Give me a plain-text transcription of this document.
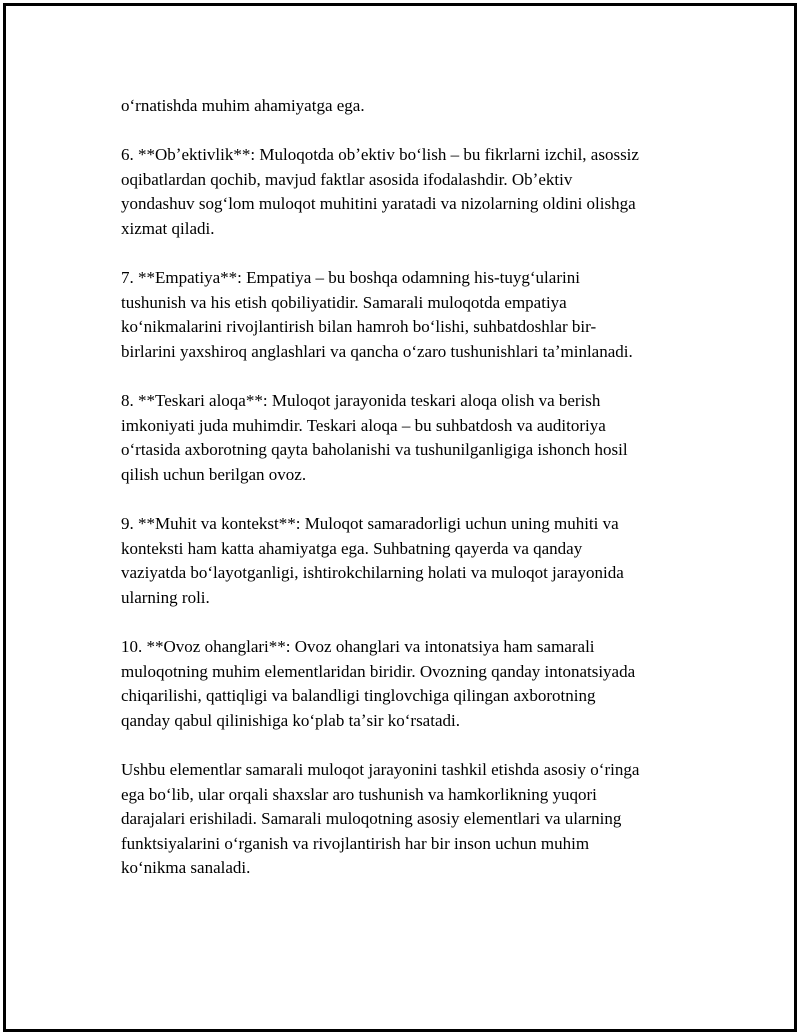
oʻrnatishda muhim ahamiyatga ega.

6. **Obʼektivlik**: Muloqotda obʼektiv boʻlish – bu fikrlarni izchil, asossiz
oqibatlardan qochib, mavjud faktlar asosida ifodalashdir. Obʼektiv
yondashuv sogʻlom muloqot muhitini yaratadi va nizolarning oldini olishga
xizmat qiladi.

7. **Empatiya**: Empatiya – bu boshqa odamning his-tuygʻularini
tushunish va his etish qobiliyatidir. Samarali muloqotda empatiya
koʻnikmalarini rivojlantirish bilan hamroh boʻlishi, suhbatdoshlar bir-
birlarini yaxshiroq anglashlari va qancha oʻzaro tushunishlari taʼminlanadi.

8. **Teskari aloqa**: Muloqot jarayonida teskari aloqa olish va berish
imkoniyati juda muhimdir. Teskari aloqa – bu suhbatdosh va auditoriya
oʻrtasida axborotning qayta baholanishi va tushunilganligiga ishonch hosil
qilish uchun berilgan ovoz.

9. **Muhit va kontekst**: Muloqot samaradorligi uchun uning muhiti va
konteksti ham katta ahamiyatga ega. Suhbatning qayerda va qanday
vaziyatda boʻlayotganligi, ishtirokchilarning holati va muloqot jarayonida
ularning roli.

10. **Ovoz ohanglari**: Ovoz ohanglari va intonatsiya ham samarali
muloqotning muhim elementlaridan biridir. Ovozning qanday intonatsiyada
chiqarilishi, qattiqligi va balandligi tinglovchiga qilingan axborotning
qanday qabul qilinishiga koʻplab taʼsir koʻrsatadi.

Ushbu elementlar samarali muloqot jarayonini tashkil etishda asosiy oʻringa
ega boʻlib, ular orqali shaxslar aro tushunish va hamkorlikning yuqori
darajalari erishiladi. Samarali muloqotning asosiy elementlari va ularning
funktsiyalarini oʻrganish va rivojlantirish har bir inson uchun muhim
koʻnikma sanaladi.
